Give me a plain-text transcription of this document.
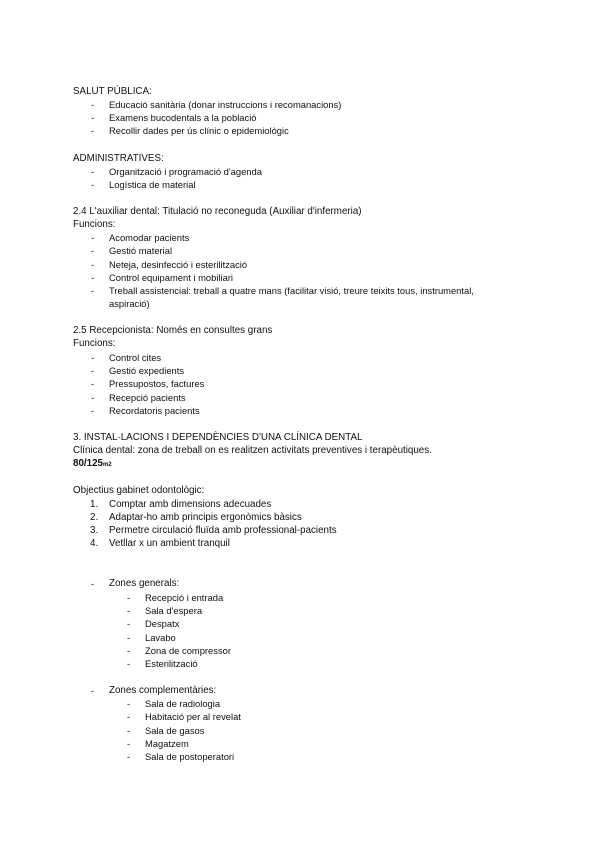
SALUT PÚBLICA:
- Educació sanitària (donar instruccions i recomanacions)
- Examens bucodentals a la població
- Recollir dades per ús clínic o epidemiològic
ADMINISTRATIVES:
- Organització i programació d'agenda
- Logística de material
2.4 L'auxiliar dental: Titulació no reconeguda (Auxiliar d'infermeria)
Funcions:
- Acomodar pacients
- Gestió material
- Neteja, desinfecció i esterilització
- Control equipament i mobiliari
- Treball assistencial: treball a quatre mans (facilitar visió, treure teixits tous, instrumental,
aspiració)
2.5 Recepcionista: Només en consultes grans
Funcions:
- Control cites
- Gestió expedients
- Pressupostos, factures
- Recepció pacients
- Recordatoris pacients
3. INSTAL·LACIONS I DEPENDÈNCIES D'UNA CLÍNICA DENTAL
Clínica dental: zona de treball on es realitzen activitats preventives i terapèutiques.
80/125m2
Objectius gabinet odontològic:
1. Comptar amb dimensions adecuades
2. Adaptar-ho amb principis ergonòmics bàsics
3. Permetre circulació fluïda amb professional-pacients
4. Vetllar x un ambient tranquil
- Zones generals:
- Recepció i entrada
- Sala d'espera
- Despatx
- Lavabo
- Zona de compressor
- Esterilització
- Zones complementàries:
- Sala de radiologia
- Habitació per al revelat
- Sala de gasos
- Magatzem
- Sala de postoperatori
